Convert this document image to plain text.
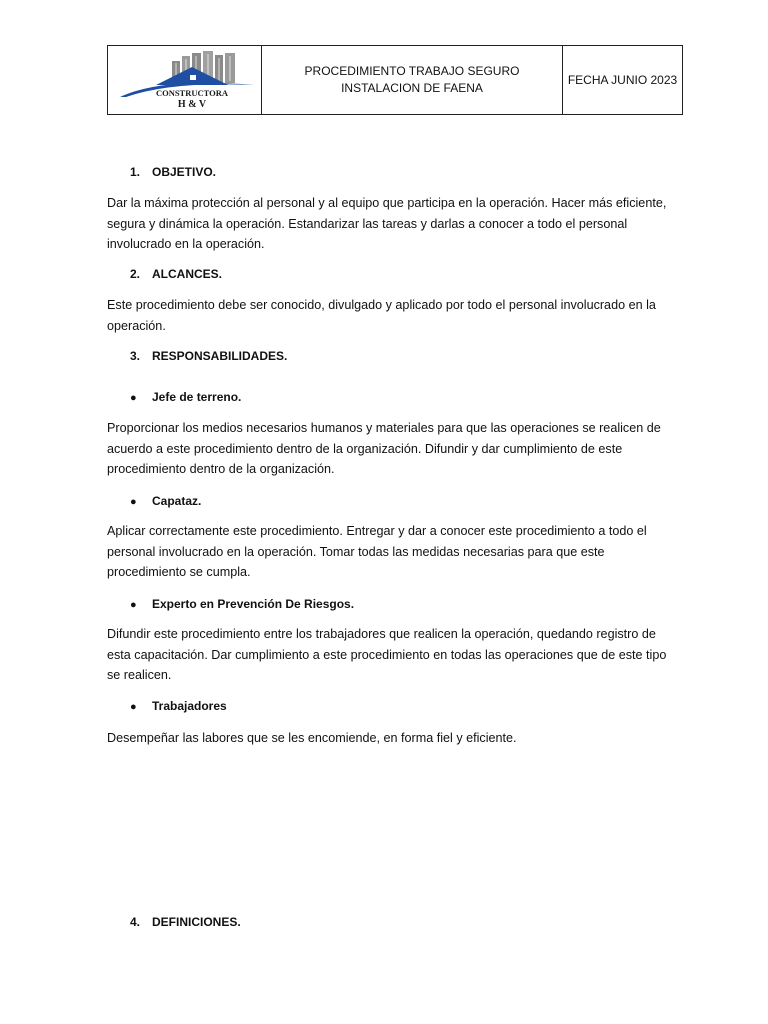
CONSTRUCTORA
H & V
PROCEDIMIENTO TRABAJO SEGURO INSTALACION DE FAENA
FECHA JUNIO 2023

1. OBJETIVO.

Dar la máxima protección al personal y al equipo que participa en la operación. Hacer más eficiente, segura y dinámica la operación. Estandarizar las tareas y darlas a conocer a todo el personal involucrado en la operación.

2. ALCANCES.

Este procedimiento debe ser conocido, divulgado y aplicado por todo el personal involucrado en la operación.

3. RESPONSABILIDADES.

● Jefe de terreno.

Proporcionar los medios necesarios humanos y materiales para que las operaciones se realicen de acuerdo a este procedimiento dentro de la organización. Difundir y dar cumplimiento de este procedimiento dentro de la organización.

● Capataz.

Aplicar correctamente este procedimiento. Entregar y dar a conocer este procedimiento a todo el personal involucrado en la operación. Tomar todas las medidas necesarias para que este procedimiento se cumpla.

● Experto en Prevención De Riesgos.

Difundir este procedimiento entre los trabajadores que realicen la operación, quedando registro de esta capacitación. Dar cumplimiento a este procedimiento en todas las operaciones que de este tipo se realicen.

● Trabajadores

Desempeñar las labores que se les encomiende, en forma fiel y eficiente.

4. DEFINICIONES.
